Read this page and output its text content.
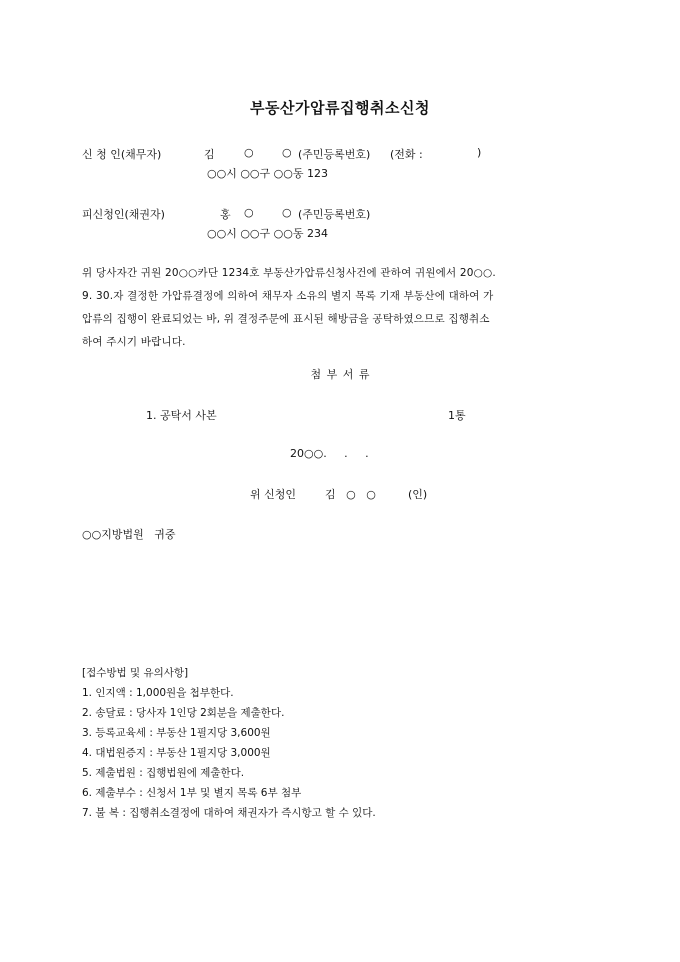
부동산가압류집행취소신청
신 청 인(채무자)	김	○	○ (주민등록번호) (전화 :	)
○○시 ○○구 ○○동 123
피신청인(채권자)	홍 ○	○ (주민등록번호)
○○시 ○○구 ○○동 234
위 당사자간 귀원 20○○카단 1234호 부동산가압류신청사건에 관하여 귀원에서 20○○.
9. 30.자 결정한 가압류결정에 의하여 채무자 소유의 별지 목록 기재 부동산에 대하여 가
압류의 집행이 완료되었는 바, 위 결정주문에 표시된 해방금을 공탁하였으므로 집행취소
하여 주시기 바랍니다.
첨 부 서 류
1. 공탁서 사본	1통
20○○.     .     .
위 신청인	김   ○   ○	(인)
○○지방법원   귀중
[접수방법 및 유의사항]
1. 인지액 : 1,000원을 첩부한다.
2. 송달료 : 당사자 1인당 2회분을 제출한다.
3. 등록교육세 : 부동산 1필지당 3,600원
4. 대법원증지 : 부동산 1필지당 3,000원
5. 제출법원 : 집행법원에 제출한다.
6. 제출부수 : 신청서 1부 및 별지 목록 6부 첨부
7. 불 복 : 집행취소결정에 대하여 채권자가 즉시항고 할 수 있다.
